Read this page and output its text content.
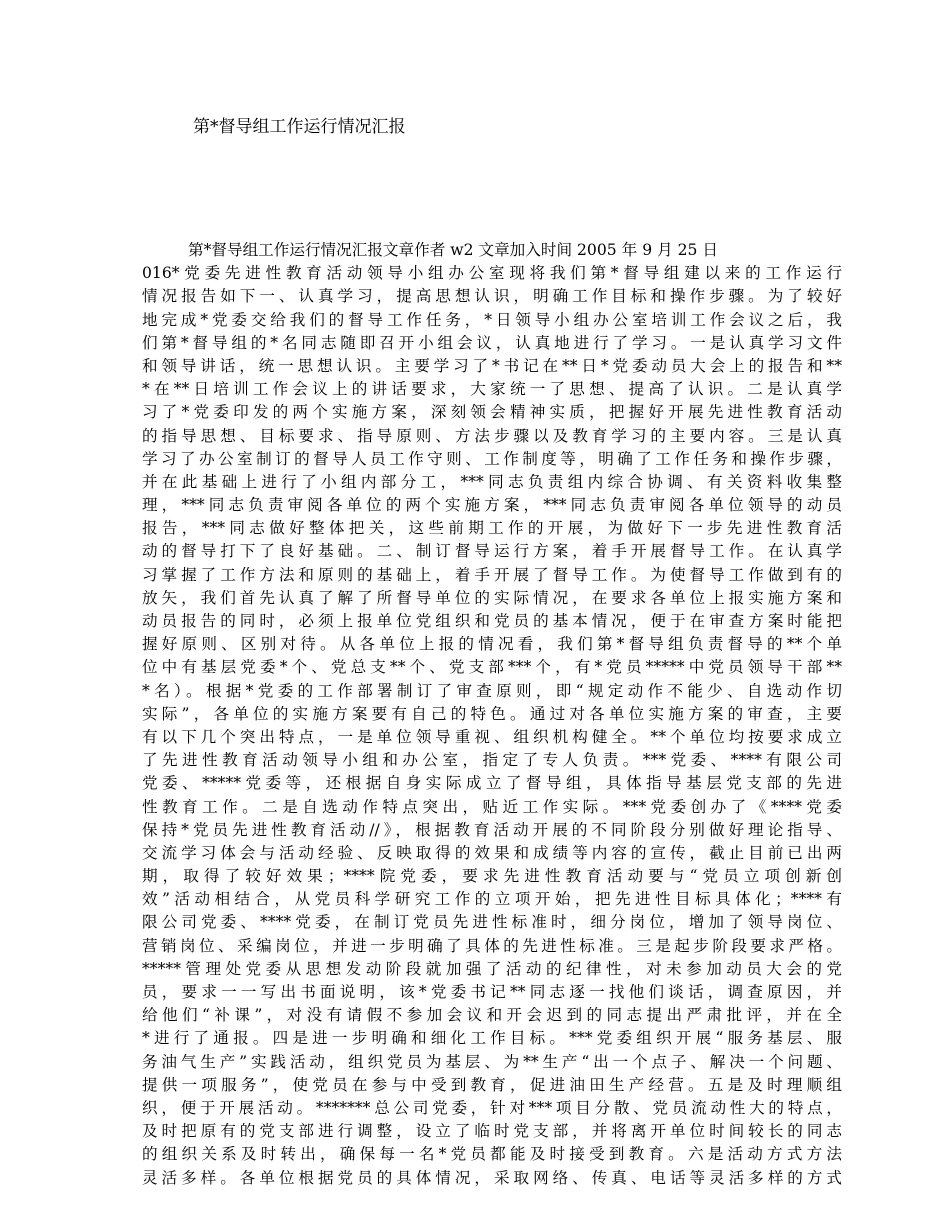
第*督导组工作运行情况汇报
第*督导组工作运行情况汇报文章作者 w2 文章加入时间 2005 年 9 月 25 日
016*党委先进性教育活动领导小组办公室现将我们第*督导组建以来的工作运行
情况报告如下一、认真学习，提高思想认识，明确工作目标和操作步骤。为了较好
地完成*党委交给我们的督导工作任务，*日领导小组办公室培训工作会议之后，我
们第*督导组的*名同志随即召开小组会议，认真地进行了学习。一是认真学习文件
和领导讲话，统一思想认识。主要学习了*书记在**日*党委动员大会上的报告和**
*在**日培训工作会议上的讲话要求，大家统一了思想、提高了认识。二是认真学
习了*党委印发的两个实施方案，深刻领会精神实质，把握好开展先进性教育活动
的指导思想、目标要求、指导原则、方法步骤以及教育学习的主要内容。三是认真
学习了办公室制订的督导人员工作守则、工作制度等，明确了工作任务和操作步骤，
并在此基础上进行了小组内部分工，***同志负责组内综合协调、有关资料收集整
理，***同志负责审阅各单位的两个实施方案，***同志负责审阅各单位领导的动员
报告，***同志做好整体把关，这些前期工作的开展，为做好下一步先进性教育活
动的督导打下了良好基础。二、制订督导运行方案，着手开展督导工作。在认真学
习掌握了工作方法和原则的基础上，着手开展了督导工作。为使督导工作做到有的
放矢，我们首先认真了解了所督导单位的实际情况，在要求各单位上报实施方案和
动员报告的同时，必须上报单位党组织和党员的基本情况，便于在审查方案时能把
握好原则、区别对待。从各单位上报的情况看，我们第*督导组负责督导的**个单
位中有基层党委*个、党总支**个、党支部***个，有*党员*****中党员领导干部**
*名）。根据*党委的工作部署制订了审查原则，即“规定动作不能少、自选动作切
实际”，各单位的实施方案要有自己的特色。通过对各单位实施方案的审查，主要
有以下几个突出特点，一是单位领导重视、组织机构健全。**个单位均按要求成立
了先进性教育活动领导小组和办公室，指定了专人负责。***党委、****有限公司
党委、*****党委等，还根据自身实际成立了督导组，具体指导基层党支部的先进
性教育工作。二是自选动作特点突出，贴近工作实际。***党委创办了《****党委
保持*党员先进性教育活动//》，根据教育活动开展的不同阶段分别做好理论指导、
交流学习体会与活动经验、反映取得的效果和成绩等内容的宣传，截止目前已出两
期，取得了较好效果；****院党委，要求先进性教育活动要与“党员立项创新创
效”活动相结合，从党员科学研究工作的立项开始，把先进性目标具体化；****有
限公司党委、****党委，在制订党员先进性标准时，细分岗位，增加了领导岗位、
营销岗位、采编岗位，并进一步明确了具体的先进性标准。三是起步阶段要求严格。
*****管理处党委从思想发动阶段就加强了活动的纪律性，对未参加动员大会的党
员，要求一一写出书面说明，该*党委书记**同志逐一找他们谈话，调查原因，并
给他们“补课”，对没有请假不参加会议和开会迟到的同志提出严肃批评，并在全
*进行了通报。四是进一步明确和细化工作目标。***党委组织开展“服务基层、服
务油气生产”实践活动，组织党员为基层、为**生产“出一个点子、解决一个问题、
提供一项服务”，使党员在参与中受到教育，促进油田生产经营。五是及时理顺组
织，便于开展活动。*******总公司党委，针对***项目分散、党员流动性大的特点，
及时把原有的党支部进行调整，设立了临时党支部，并将离开单位时间较长的同志
的组织关系及时转出，确保每一名*党员都能及时接受到教育。六是活动方式方法
灵活多样。各单位根据党员的具体情况，采取网络、传真、电话等灵活多样的方式
